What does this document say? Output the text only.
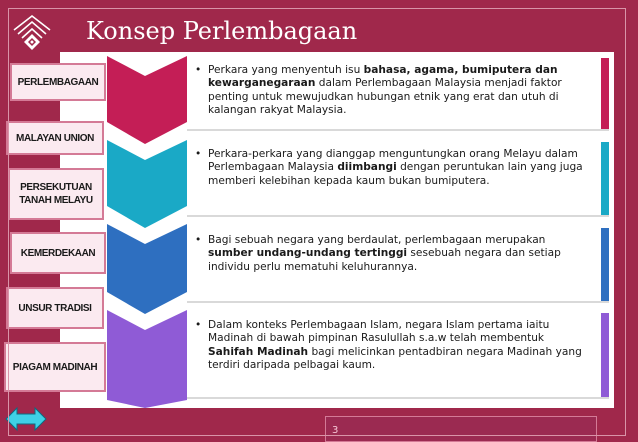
Konsep Perlembagaan
• Perkara yang menyentuh isu bahasa, agama, bumiputera dan kewarganegaraan dalam Perlembagaan Malaysia menjadi faktor penting untuk mewujudkan hubungan etnik yang erat dan utuh di kalangan rakyat Malaysia.
• Perkara-perkara yang dianggap menguntungkan orang Melayu dalam Perlembagaan Malaysia diimbangi dengan peruntukan lain yang juga memberi kelebihan kepada kaum bukan bumiputera.
• Bagi sebuah negara yang berdaulat, perlembagaan merupakan sumber undang-undang tertinggi sesebuah negara dan setiap individu perlu mematuhi keluhurannya.
• Dalam konteks Perlembagaan Islam, negara Islam pertama iaitu Madinah di bawah pimpinan Rasulullah s.a.w telah membentuk Sahifah Madinah bagi melicinkan pentadbiran negara Madinah yang terdiri daripada pelbagai kaum.
PERLEMBAGAAN
MALAYAN UNION
PERSEKUTUAN TANAH MELAYU
KEMERDEKAAN
UNSUR TRADISI
PIAGAM MADINAH
3
